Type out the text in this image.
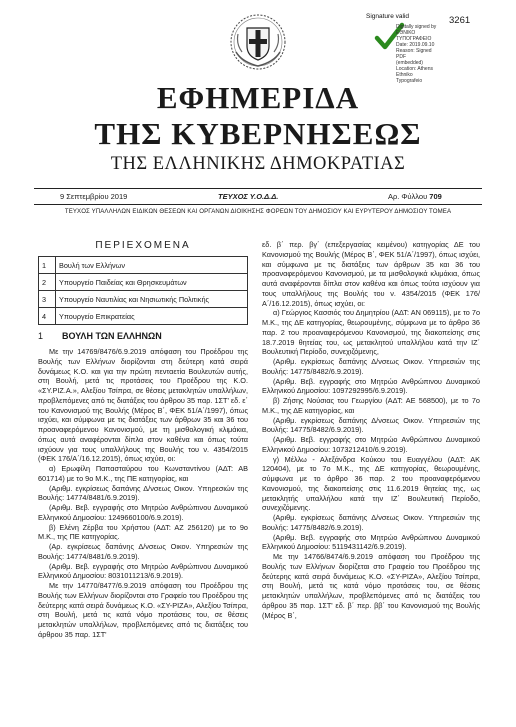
Signature valid
Digitally signed by
ΕΘΝΙΚΟ
ΤΥΠΟΓΡΑΦΕΙΟ
Date: 2019.09.10
Reason: Signed PDF
(embedded)
Location: Athens
Ethniko Typografeio
3261
ΕΦΗΜΕΡΙΔΑ
ΤΗΣ ΚΥΒΕΡΝΗΣΕΩΣ
ΤΗΣ ΕΛΛΗΝΙΚΗΣ ΔΗΜΟΚΡΑΤΙΑΣ
9 Σεπτεμβρίου 2019	ΤΕΥΧΟΣ Υ.Ο.Δ.Δ.	Αρ. Φύλλου 709
ΤΕΥΧΟΣ ΥΠΑΛΛΗΛΩΝ ΕΙΔΙΚΩΝ ΘΕΣΕΩΝ ΚΑΙ ΟΡΓΑΝΩΝ ΔΙΟΙΚΗΣΗΣ ΦΟΡΕΩΝ ΤΟΥ ΔΗΜΟΣΙΟΥ ΚΑΙ ΕΥΡΥΤΕΡΟΥ ΔΗΜΟΣΙΟΥ ΤΟΜΕΑ
ΠΕΡΙΕΧΟΜΕΝΑ
1	Βουλή των Ελλήνων
2	Υπουργείο Παιδείας και Θρησκευμάτων
3	Υπουργείο Ναυτιλίας και Νησιωτικής Πολιτικής
4	Υπουργείο Επικρατείας
1 ΒΟΥΛΗ ΤΩΝ ΕΛΛΗΝΩΝ

Με την 14769/8476/6.9.2019 απόφαση του Προέδρου της Βουλής των Ελλήνων διορίζονται στη δεύτερη κατά σειρά δυνάμεως Κ.Ο. και για την πρώτη πενταετία Βουλευτών αυτής, στη Βουλή, μετά τις προτάσεις του Προέδρου της Κ.Ο. «ΣΥ.ΡΙΖ.Α.», Αλεξίου Τσίπρα, σε θέσεις μετακλητών υπαλλήλων, προβλεπόμενες από τις διατάξεις του άρθρου 35 παρ. 1ΣΤ' εδ. ε΄ του Κανονισμού της Βουλής (Μέρος Β΄, ΦΕΚ 51/Α΄/1997), όπως ισχύει, και σύμφωνα με τις διατάξεις των άρθρων 35 και 36 του προαναφερόμενου Κανονισμού, με τη μισθολογική κλιμάκια, όπως αυτά αναφέρονται δίπλα στον καθένα και όπως τούτα ισχύουν για τους υπαλλήλους της Βουλής του ν. 4354/2015 (ΦΕΚ 176/Α΄/16.12.2015), όπως ισχύει, οι:

α) Ερωφίλη Παπασταύρου του Κωνσταντίνου (ΑΔΤ: ΑΒ 601714) με το 9ο Μ.Κ., της ΠΕ κατηγορίας, και

(Αριθμ. εγκρίσεως δαπάνης Δ/νσεως Οικον. Υπηρεσιών της Βουλής: 14774/8481/6.9.2019).

(Αριθμ. Βεβ. εγγραφής στο Μητρώο Ανθρώπινου Δυναμικού Ελληνικού Δημοσίου: 1249660100/6.9.2019).

β) Ελένη Ζέρβα του Χρήστου (ΑΔΤ: ΑΖ 256120) με το 9ο Μ.Κ., της ΠΕ κατηγορίας.

(Αρ. εγκρίσεως δαπάνης Δ/νσεως Οικον. Υπηρεσιών της Βουλής: 14774/8481/6.9.2019).

(Αριθμ. Βεβ. εγγραφής στο Μητρώο Ανθρώπινου Δυναμικού Ελληνικού Δημοσίου: 8031011213/6.9.2019).

Με την 14770/8477/6.9.2019 απόφαση του Προέδρου της Βουλής των Ελλήνων διορίζονται στο Γραφείο του Προέδρου της δεύτερης κατά σειρά δυνάμεως Κ.Ο. «ΣΥ-ΡΙΖΑ», Αλεξίου Τσίπρα, στη Βουλή, μετά τις κατά νόμο προτάσεις του, σε θέσεις μετακλητών υπαλλήλων, προβλεπόμενες από τις διατάξεις του άρθρου 35 παρ. 1ΣΤ'

εδ. β΄ περ. βγ΄ (επεξεργασίας κειμένου) κατηγορίας ΔΕ του Κανονισμού της Βουλής (Μέρος Β΄, ΦΕΚ 51/Α΄/1997), όπως ισχύει, και σύμφωνα με τις διατάξεις των άρθρων 35 και 36 του προαναφερόμενου Κανονισμού, με τα μισθολογικά κλιμάκια, όπως αυτά αναφέρονται δίπλα στον καθένα και όπως τούτα ισχύουν για τους υπαλλήλους της Βουλής του ν. 4354/2015 (ΦΕΚ 176/Α΄/16.12.2015), όπως ισχύει, οι:

α) Γεώργιος Κασσιός του Δημητρίου (ΑΔΤ: ΑΝ 069115), με το 7ο Μ.Κ., της ΔΕ κατηγορίας, θεωρουμένης, σύμφωνα με το άρθρο 36 παρ. 2 του προαναφερόμενου Κανονισμού, της διακοπείσης στις 18.7.2019 θητείας του, ως μετακλητού υπαλλήλου κατά την ΙΖ΄ Βουλευτική Περίοδο, συνεχιζόμενης,

(Αριθμ. εγκρίσεως δαπάνης Δ/νσεως Οικον. Υπηρεσιών της Βουλής: 14775/8482/6.9.2019).

(Αριθμ. Βεβ. εγγραφής στο Μητρώο Ανθρώπινου Δυναμικού Ελληνικού Δημοσίου: 1097292995/6.9.2019).

β) Ζήσης Νούσιας του Γεωργίου (ΑΔΤ: ΑΕ 568500), με το 7ο Μ.Κ., της ΔΕ κατηγορίας, και

(Αριθμ. εγκρίσεως δαπάνης Δ/νσεως Οικον. Υπηρεσιών της Βουλής: 14775/8482/6.9.2019).

(Αριθμ. Βεβ. εγγραφής στο Μητρώο Ανθρώπινου Δυναμικού Ελληνικού Δημοσίου: 1073212410/6.9.2019).

γ) Μέλλω - Αλεξάνδρα Κούκου του Ευαγγέλου (ΑΔΤ: ΑΚ 120404), με το 7ο Μ.Κ., της ΔΕ κατηγορίας, θεωρουμένης, σύμφωνα με το άρθρο 36 παρ. 2 του προαναφερόμενου Κανονισμού, της διακοπείσης στις 11.6.2019 θητείας της, ως μετακλητής υπαλλήλου κατά την ΙΖ΄ Βουλευτική Περίοδο, συνεχιζόμενης.

(Αριθμ. εγκρίσεως δαπάνης Δ/νσεως Οικον. Υπηρεσιών της Βουλής: 14775/8482/6.9.2019).

(Αριθμ. Βεβ. εγγραφής στο Μητρώο Ανθρώπινου Δυναμικού Ελληνικού Δημοσίου: 5119431142/6.9.2019).

Με την 14766/8474/6.9.2019 απόφαση του Προέδρου της Βουλής των Ελλήνων διορίζεται στο Γραφείο του Προέδρου της δεύτερης κατά σειρά δυνάμεως Κ.Ο. «ΣΥ-ΡΙΖΑ», Αλεξίου Τσίπρα, στη Βουλή, μετά τις κατά νόμο προτάσεις του, σε θέσεις μετακλητών υπαλλήλων, προβλεπόμενες από τις διατάξεις του άρθρου 35 παρ. 1ΣΤ' εδ. β΄ περ. ββ΄ του Κανονισμού της Βουλής (Μέρος Β΄,
